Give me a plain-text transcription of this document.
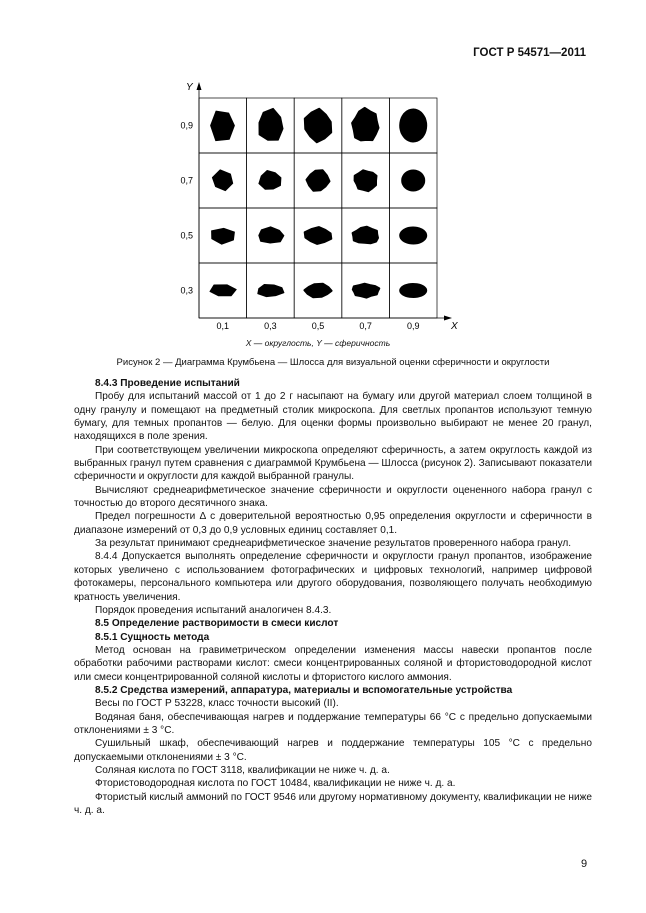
ГОСТ Р 54571—2011
0,1	0,3	0,5	0,7	0,9
0,9
0,7
0,5
0,3
Y
X
X — округлость, Y — сферичность
Рисунок 2 — Диаграмма Крумбьена — Шлосса для визуальной оценки сферичности и округлости

8.4.3 Проведение испытаний

Пробу для испытаний массой от 1 до 2 г насыпают на бумагу или другой материал слоем толщиной в одну гранулу и помещают на предметный столик микроскопа. Для светлых пропантов используют темную бумагу, для темных пропантов — белую. Для оценки формы произвольно выбирают не менее 20 гранул, находящихся в поле зрения.

При соответствующем увеличении микроскопа определяют сферичность, а затем округлость каждой из выбранных гранул путем сравнения с диаграммой Крумбьена — Шлосса (рисунок 2). Записывают показатели сферичности и округлости для каждой выбранной гранулы.

Вычисляют среднеарифметическое значение сферичности и округлости оцененного набора гранул с точностью до второго десятичного знака.

Предел погрешности Δ с доверительной вероятностью 0,95 определения округлости и сферичности в диапазоне измерений от 0,3 до 0,9 условных единиц составляет 0,1.

За результат принимают среднеарифметическое значение результатов проверенного набора гранул.

8.4.4 Допускается выполнять определение сферичности и округлости гранул пропантов, изображение которых увеличено с использованием фотографических и цифровых технологий, например цифровой фотокамеры, персонального компьютера или другого оборудования, позволяющего получать необходимую кратность увеличения.

Порядок проведения испытаний аналогичен 8.4.3.

8.5 Определение растворимости в смеси кислот

8.5.1 Сущность метода

Метод основан на гравиметрическом определении изменения массы навески пропантов после обработки рабочими растворами кислот: смеси концентрированных соляной и фтористоводородной кислот или смеси концентрированной соляной кислоты и фтористого кислого аммония.

8.5.2 Средства измерений, аппаратура, материалы и вспомогательные устройства

Весы по ГОСТ Р 53228, класс точности высокий (II).

Водяная баня, обеспечивающая нагрев и поддержание температуры 66 °С с предельно допускаемыми отклонениями ± 3 °С.

Сушильный шкаф, обеспечивающий нагрев и поддержание температуры 105 °С с предельно допускаемыми отклонениями ± 3 °С.

Соляная кислота по ГОСТ 3118, квалификации не ниже ч. д. а.

Фтористоводородная кислота по ГОСТ 10484, квалификации не ниже ч. д. а.

Фтористый кислый аммоний по ГОСТ 9546 или другому нормативному документу, квалификации не ниже ч. д. а.

9
